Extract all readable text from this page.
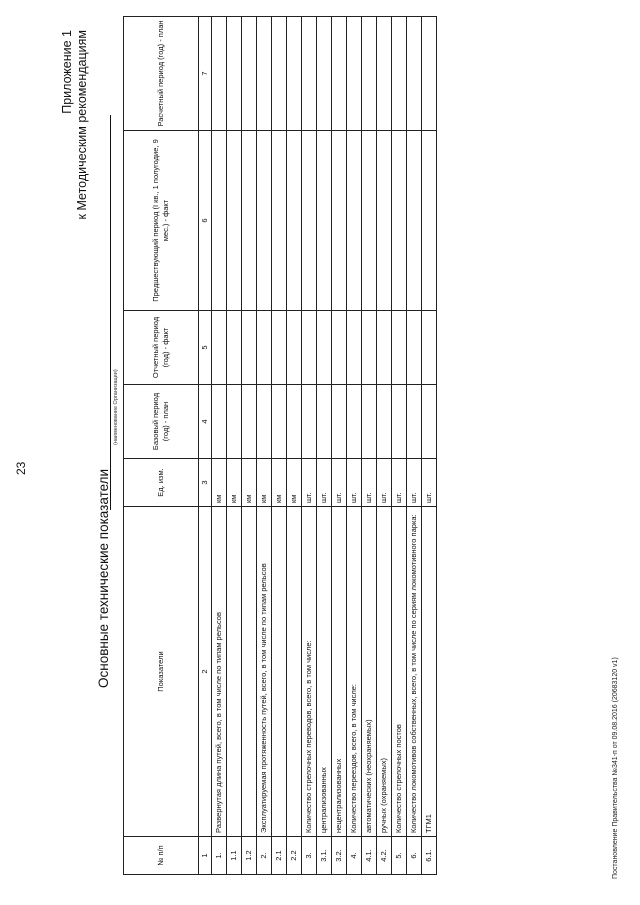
23
Приложение 1 к Методическим рекомендациям
Основные технические показатели
(наименование Организации)
№ п/п	Показатели	Ед. изм.	Базовый период (год) - план	Отчетный период (год) - факт	Предшествующий период (I кв., 1 полугодие, 9 мес.) - факт	Расчетный период (год) - план
1	2	3	4	5	6	7
1.	Развернутая длина путей, всего, в том числе по типам рельсов	км				
1.1		км				
1.2		км				
2.	Эксплуатируемая протяженность путей, всего, в том числе по типам рельсов	км				
2.1		км				
2.2		км				
3.	Количество стрелочных переводов, всего, в том числе:	шт.				
3.1.	централизованных	шт.				
3.2.	нецентрализованных	шт.				
4.	Количество переездов, всего, в том числе:	шт.				
4.1.	автоматических (неохраняемых)	шт.				
4.2.	ручных (охраняемых)	шт.				
5.	Количество стрелочных постов	шт.				
6.	Количество локомотивов собственных, всего, в том числе по сериям локомотивного парка:	шт.				
6.1.	ТГМ1	шт.				
Постановление Правительства №341-п от 09.08.2016 (20683120 v1)
